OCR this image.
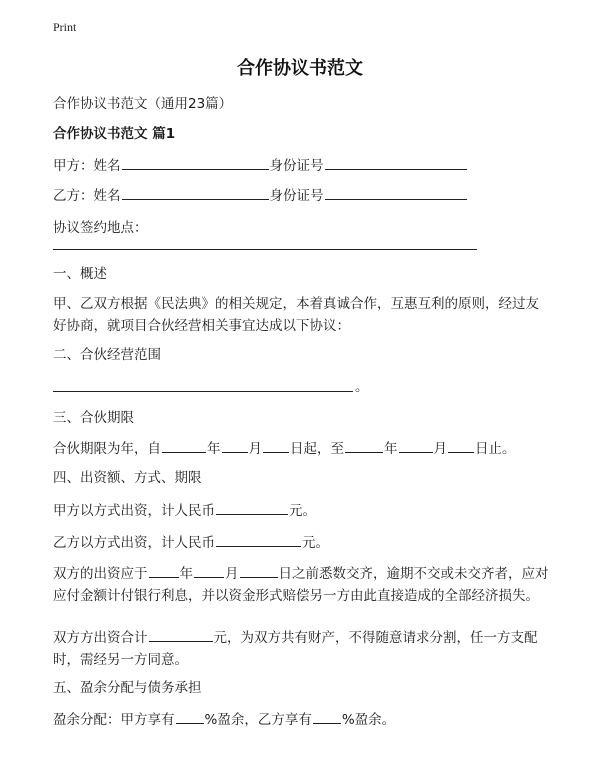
Print
合作协议书范文

合作协议书范文（通用23篇）

合作协议书范文 篇1

甲方：姓名	身份证号

乙方：姓名	身份证号

协议签约地点：

一、概述

甲、乙双方根据《民法典》的相关规定，本着真诚合作，互惠互利的原则，经过友好协商，就项目合伙经营相关事宜达成以下协议：

二、合伙经营范围

。

三、合伙期限

合伙期限为年，自	年 月 日起，至	年	月 日止。

四、出资额、方式、期限

甲方以方式出资，计人民币	元。

乙方以方式出资，计人民币	元。

双方的出资应于 年 月	日之前悉数交齐，逾期不交或未交齐者，应对应付金额计付银行利息，并以资金形式赔偿另一方由此直接造成的全部经济损失。

双方方出资合计	元，为双方共有财产，不得随意请求分割，任一方支配时，需经另一方同意。

五、盈余分配与债务承担

盈余分配：甲方享有 %盈余，乙方享有 %盈余。
